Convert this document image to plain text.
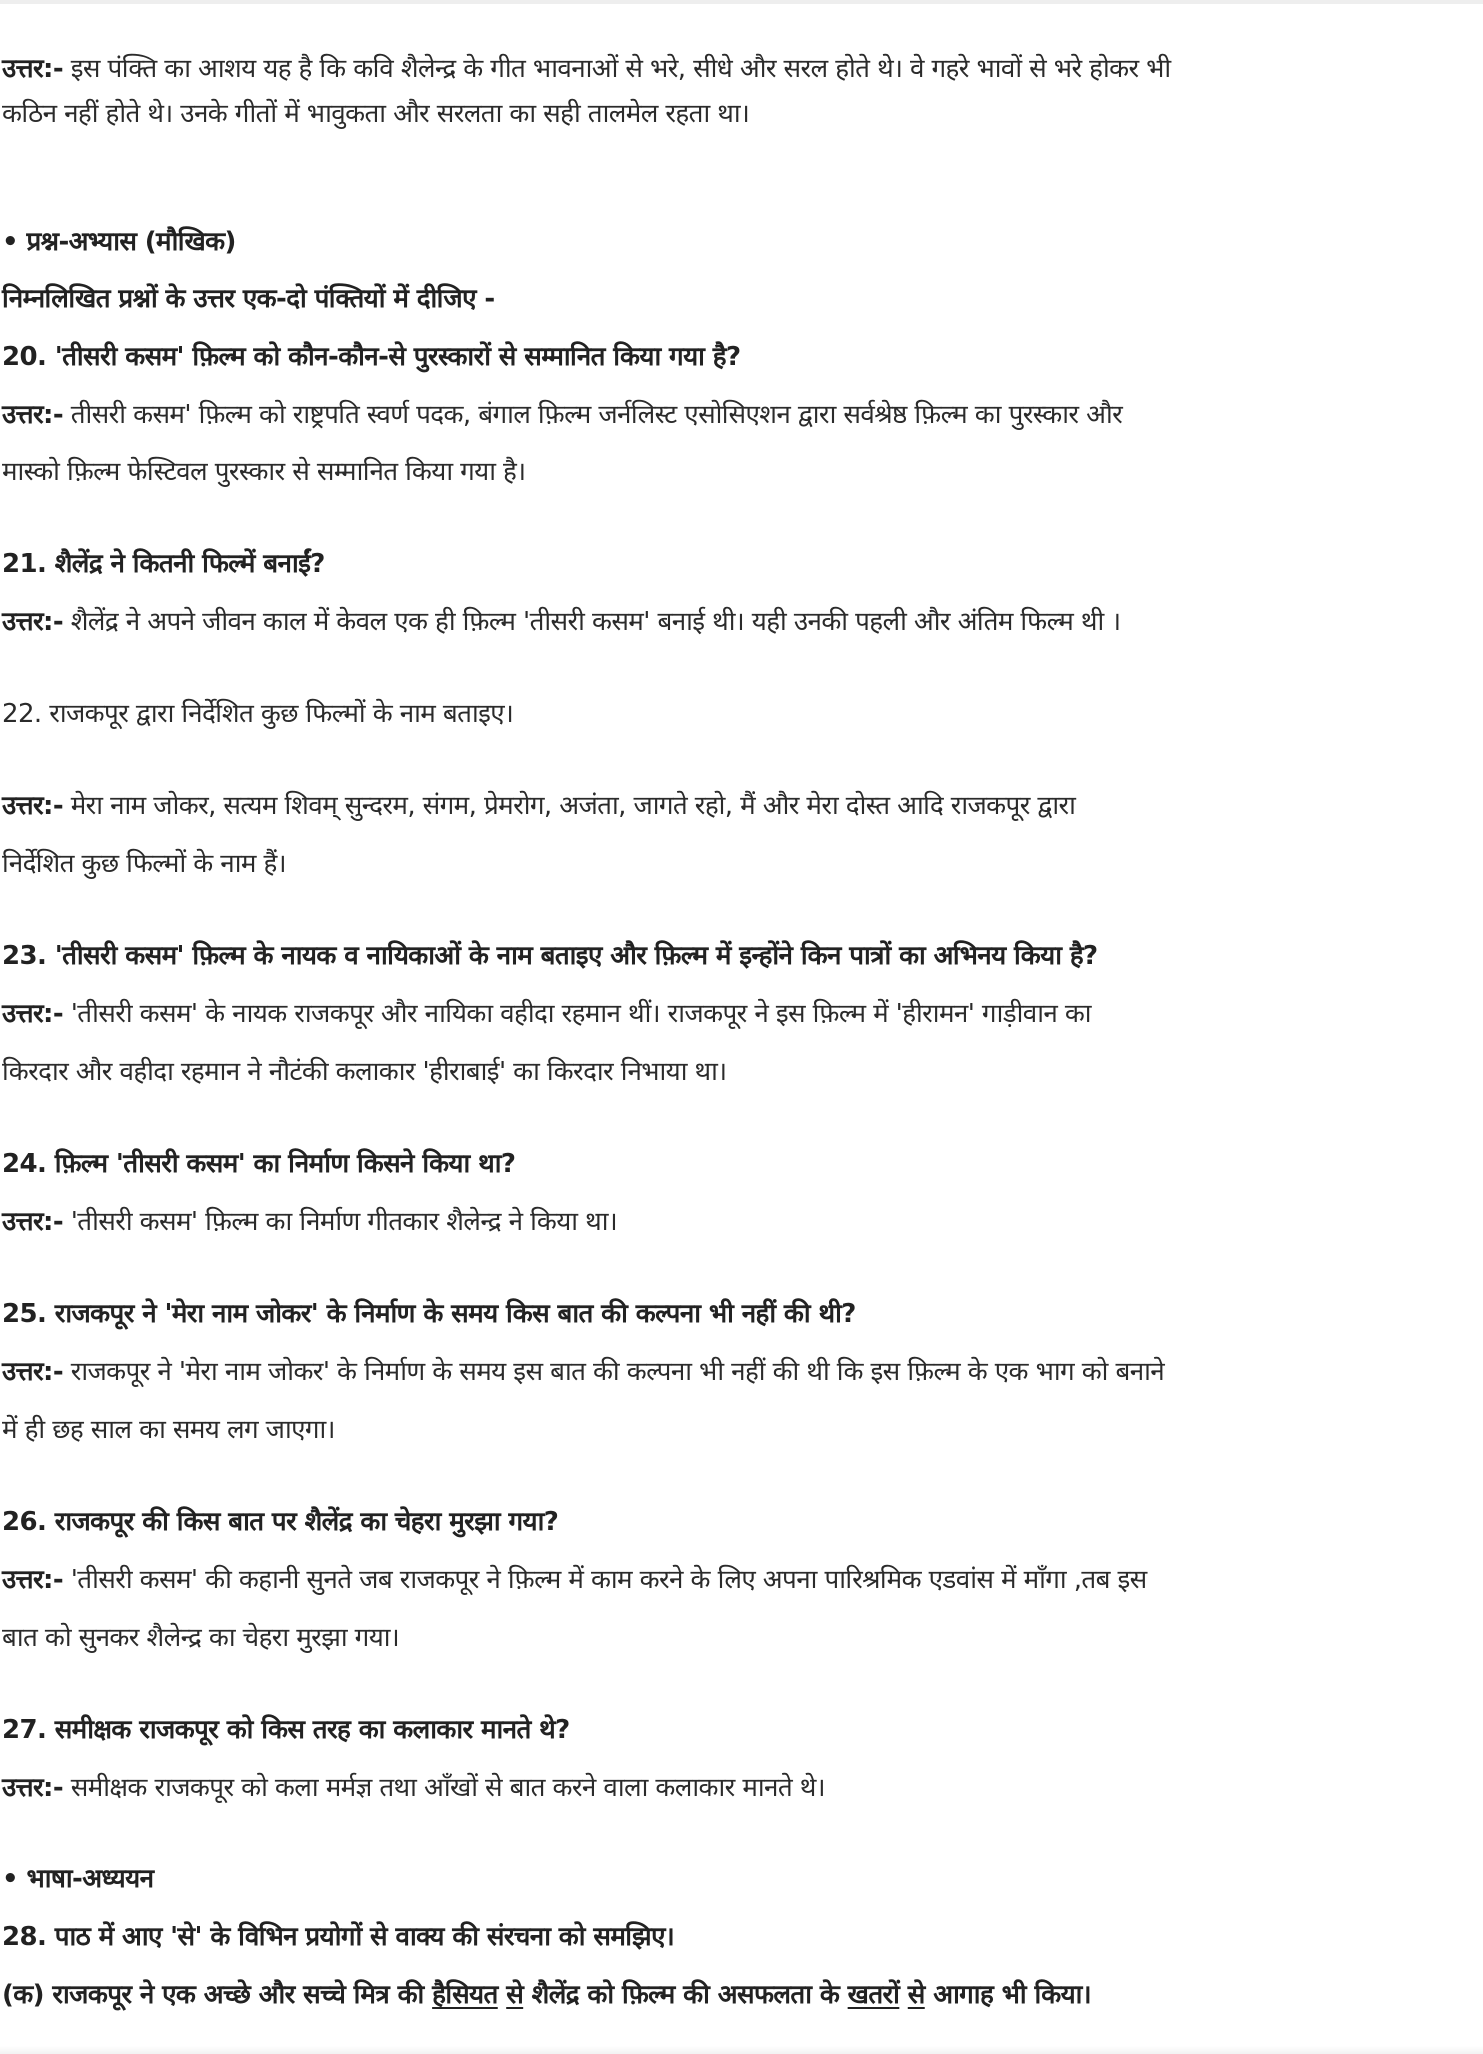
उत्तर:- इस पंक्ति का आशय यह है कि कवि शैलेन्द्र के गीत भावनाओं से भरे, सीधे और सरल होते थे। वे गहरे भावों से भरे होकर भी
कठिन नहीं होते थे। उनके गीतों में भावुकता और सरलता का सही तालमेल रहता था।
• प्रश्न-अभ्यास (मौखिक)
निम्नलिखित प्रश्नों के उत्तर एक-दो पंक्तियों में दीजिए -
20. 'तीसरी कसम' फ़िल्म को कौन-कौन-से पुरस्कारों से सम्मानित किया गया है?
उत्तर:- तीसरी कसम' फ़िल्म को राष्ट्रपति स्वर्ण पदक, बंगाल फ़िल्म जर्नलिस्ट एसोसिएशन द्वारा सर्वश्रेष्ठ फ़िल्म का पुरस्कार और
मास्को फ़िल्म फेस्टिवल पुरस्कार से सम्मानित किया गया है।
21. शैलेंद्र ने कितनी फिल्में बनाईं?
उत्तर:- शैलेंद्र ने अपने जीवन काल में केवल एक ही फ़िल्म 'तीसरी कसम' बनाई थी। यही उनकी पहली और अंतिम फिल्म थी ।
22. राजकपूर द्वारा निर्देशित कुछ फिल्मों के नाम बताइए।
उत्तर:- मेरा नाम जोकर, सत्यम शिवम् सुन्दरम, संगम, प्रेमरोग, अजंता, जागते रहो, मैं और मेरा दोस्त आदि राजकपूर द्वारा
निर्देशित कुछ फिल्मों के नाम हैं।
23. 'तीसरी कसम' फ़िल्म के नायक व नायिकाओं के नाम बताइए और फ़िल्म में इन्होंने किन पात्रों का अभिनय किया है?
उत्तर:- 'तीसरी कसम' के नायक राजकपूर और नायिका वहीदा रहमान थीं। राजकपूर ने इस फ़िल्म में 'हीरामन' गाड़ीवान का
किरदार और वहीदा रहमान ने नौटंकी कलाकार 'हीराबाई' का किरदार निभाया था।
24. फ़िल्म 'तीसरी कसम' का निर्माण किसने किया था?
उत्तर:- 'तीसरी कसम' फ़िल्म का निर्माण गीतकार शैलेन्द्र ने किया था।
25. राजकपूर ने 'मेरा नाम जोकर' के निर्माण के समय किस बात की कल्पना भी नहीं की थी?
उत्तर:- राजकपूर ने 'मेरा नाम जोकर' के निर्माण के समय इस बात की कल्पना भी नहीं की थी कि इस फ़िल्म के एक भाग को बनाने
में ही छह साल का समय लग जाएगा।
26. राजकपूर की किस बात पर शैलेंद्र का चेहरा मुरझा गया?
उत्तर:- 'तीसरी कसम' की कहानी सुनते जब राजकपूर ने फ़िल्म में काम करने के लिए अपना पारिश्रमिक एडवांस में माँगा ,तब इस
बात को सुनकर शैलेन्द्र का चेहरा मुरझा गया।
27. समीक्षक राजकपूर को किस तरह का कलाकार मानते थे?
उत्तर:- समीक्षक राजकपूर को कला मर्मज्ञ तथा आँखों से बात करने वाला कलाकार मानते थे।
• भाषा-अध्ययन
28. पाठ में आए 'से' के विभिन प्रयोगों से वाक्य की संरचना को समझिए।
(क) राजकपूर ने एक अच्छे और सच्चे मित्र की हैसियत से शैलेंद्र को फ़िल्म की असफलता के खतरों से आगाह भी किया।
